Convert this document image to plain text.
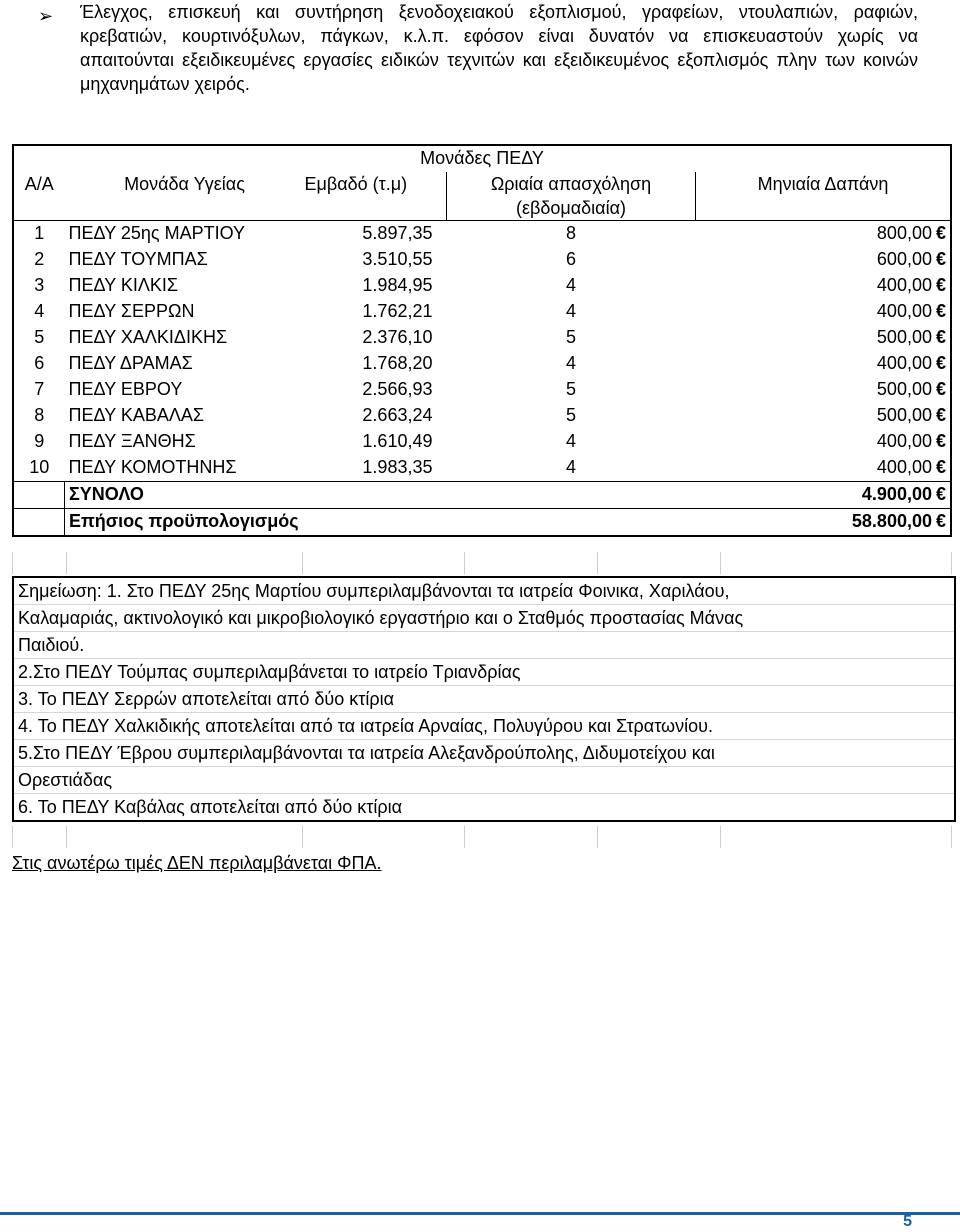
➢ Έλεγχος, επισκευή και συντήρηση ξενοδοχειακού εξοπλισμού, γραφείων, ντουλαπιών, ραφιών, κρεβατιών, κουρτινόξυλων, πάγκων, κ.λ.π. εφόσον είναι δυνατόν να επισκευαστούν χωρίς να απαιτούνται εξειδικευμένες εργασίες ειδικών τεχνιτών και εξειδικευμένος εξοπλισμός πλην των κοινών μηχανημάτων χειρός.

Μονάδες ΠΕΔΥ				
Α/Α	Μονάδα Υγείας	Εμβαδό (τ.μ)	Ωριαία απασχόληση (εβδομαδιαία)	Μηνιαία Δαπάνη
1	ΠΕΔΥ 25ης ΜΑΡΤΙΟΥ	5.897,35	8	800,00 €
2	ΠΕΔΥ ΤΟΥΜΠΑΣ	3.510,55	6	600,00 €
3	ΠΕΔΥ ΚΙΛΚΙΣ	1.984,95	4	400,00 €
4	ΠΕΔΥ ΣΕΡΡΩΝ	1.762,21	4	400,00 €
5	ΠΕΔΥ ΧΑΛΚΙΔΙΚΗΣ	2.376,10	5	500,00 €
6	ΠΕΔΥ ΔΡΑΜΑΣ	1.768,20	4	400,00 €
7	ΠΕΔΥ ΕΒΡΟΥ	2.566,93	5	500,00 €
8	ΠΕΔΥ ΚΑΒΑΛΑΣ	2.663,24	5	500,00 €
9	ΠΕΔΥ ΞΑΝΘΗΣ	1.610,49	4	400,00 €
10	ΠΕΔΥ ΚΟΜΟΤΗΝΗΣ	1.983,35	4	400,00 €
	ΣΥΝΟΛΟ			4.900,00 €
	Επήσιος προϋπολογισμός			58.800,00 €
Σημείωση: 1. Στο ΠΕΔΥ 25ης Μαρτίου συμπεριλαμβάνονται τα ιατρεία Φοινικα, Χαριλάου,
Καλαμαριάς, ακτινολογικό και μικροβιολογικό εργαστήριο και ο Σταθμός προστασίας Μάνας
Παιδιού.
2.Στο ΠΕΔΥ Τούμπας συμπεριλαμβάνεται το ιατρείο Τριανδρίας
3. Το ΠΕΔΥ Σερρών αποτελείται από δύο κτίρια
4. Το ΠΕΔΥ Χαλκιδικής αποτελείται από τα ιατρεία Αρναίας, Πολυγύρου και Στρατωνίου.
5.Στο ΠΕΔΥ Έβρου συμπεριλαμβάνονται τα ιατρεία Αλεξανδρούπολης, Διδυμοτείχου και
Ορεστιάδας
6. Το ΠΕΔΥ Καβάλας αποτελείται από δύο κτίρια
Στις ανωτέρω τιμές ΔΕΝ περιλαμβάνεται ΦΠΑ.
5
